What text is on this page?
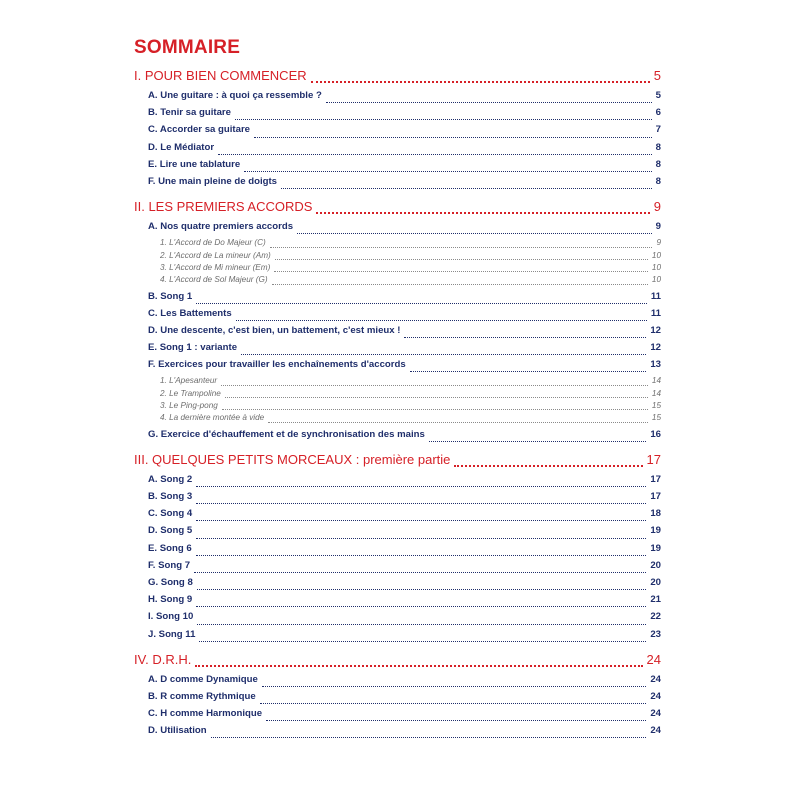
SOMMAIRE
I. POUR BIEN COMMENCER	5
A. Une guitare : à quoi ça ressemble ?	5
B. Tenir sa guitare	6
C. Accorder sa guitare	7
D. Le Médiator	8
E. Lire une tablature	8
F. Une main pleine de doigts	8
II. LES PREMIERS ACCORDS	9
A. Nos quatre premiers accords	9
1. L'Accord de Do Majeur (C)	9
2. L'Accord de La mineur (Am)	10
3. L'Accord de Mi mineur (Em)	10
4. L'Accord de Sol Majeur (G)	10
B. Song 1	11
C. Les Battements	11
D. Une descente, c'est bien, un battement, c'est mieux !	12
E. Song 1 : variante	12
F. Exercices pour travailler les enchaînements d'accords	13
1. L'Apesanteur	14
2. Le Trampoline	14
3. Le Ping-pong	15
4. La dernière montée à vide	15
G. Exercice d'échauffement et de synchronisation des mains	16
III. QUELQUES PETITS MORCEAUX : première partie	17
A. Song 2	17
B. Song 3	17
C. Song 4	18
D. Song 5	19
E. Song 6	19
F. Song 7	20
G. Song 8	20
H. Song 9	21
I. Song 10	22
J. Song 11	23
IV. D.R.H.	24
A. D comme Dynamique	24
B. R comme Rythmique	24
C. H comme Harmonique	24
D. Utilisation	24
